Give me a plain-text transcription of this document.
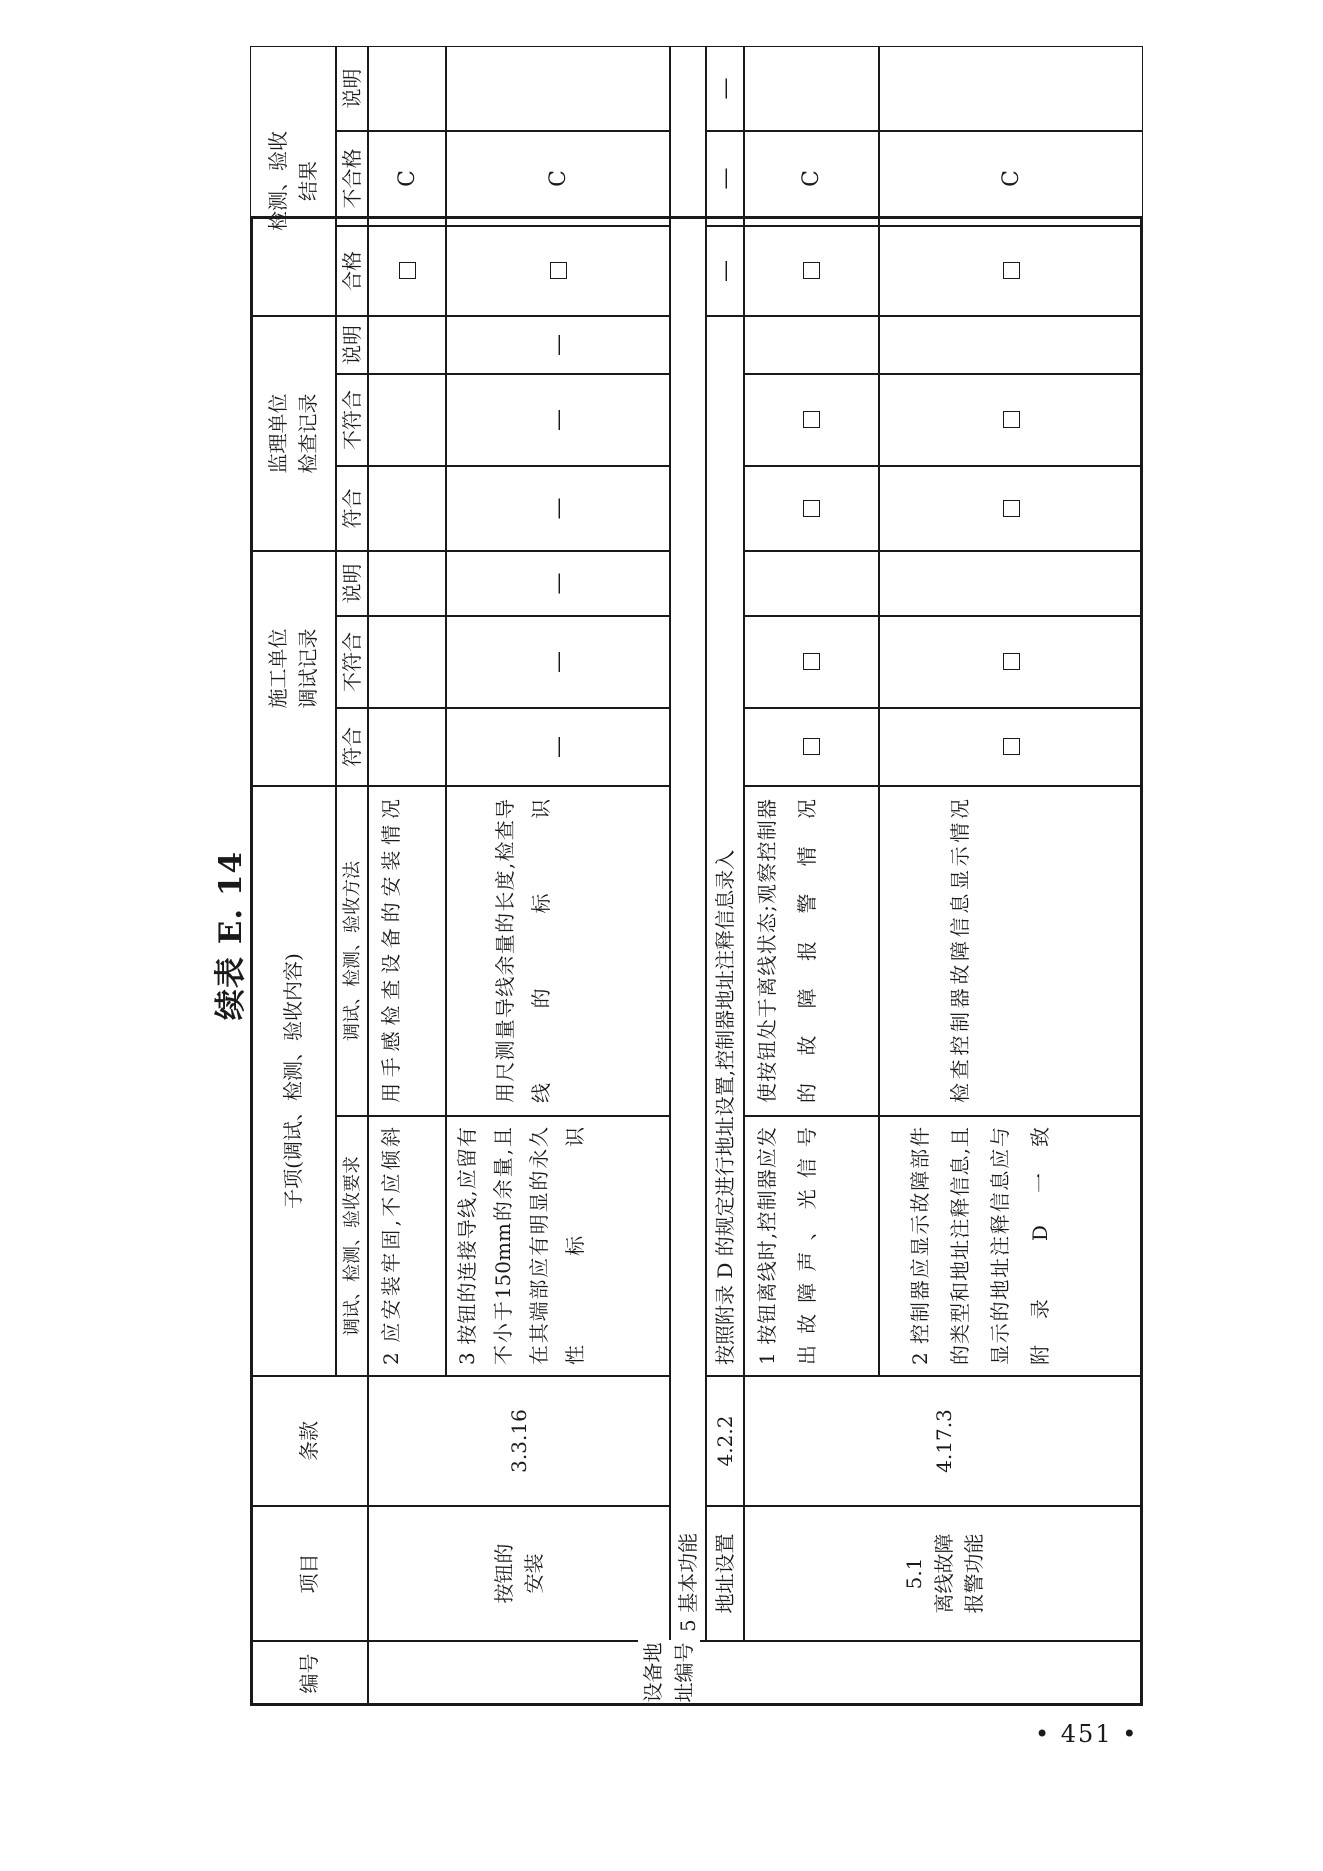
续表 E. 14
编号
项目
条款
子项(调试、检测、验收内容)
调试、检测、验收要求
调试、检测、验收方法
施工单位
调试记录
符合
不符合
说明
监理单位
检查记录
符合
不符合
说明
检测、验收
结果
合格
不合格
说明
按钮的
安装
3.3.16
2 应安装牢固,不应倾斜
用手感检查设备的安装情况
3 按钮的连接导线,应留有不小于150mm的余量,且在其端部应有明显的永久性标识
用尺测量导线余量的长度,检查导线的标识
—
—
—
—
—
—
C	C
5 基本功能 地址设置
4.2.2
按照附录 D 的规定进行地址设置,控制器地址注释信息录入
—
—
—
5.1
离线故障
报警功能
4.17.3
1 按钮离线时,控制器应发出故障声、光信号
使按钮处于离线状态;观察控制器的故障报警情况
2 控制器应显示故障部件的类型和地址注释信息,且显示的地址注释信息应与附录 D 一致
检查控制器故障信息显示情况
C	C
设备地址编号
• 451 •
